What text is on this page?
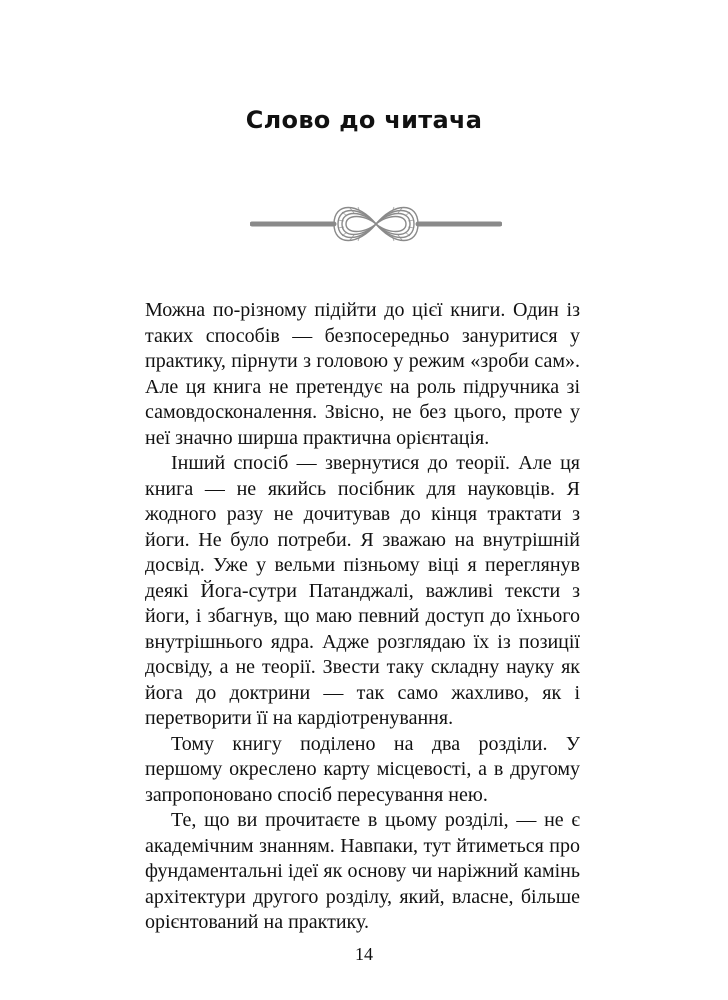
Слово до читача

Можна по-різному підійти до цієї книги. Один із таких способів — безпосередньо зануритися у практику, пірнути з головою у режим «зроби сам». Але ця книга не претендує на роль підручника зі самовдосконалення. Звісно, не без цього, проте у неї значно ширша практична орієнтація.

Інший спосіб — звернутися до теорії. Але ця книга — не якийсь посібник для науковців. Я жодного разу не дочитував до кінця трактати з йоги. Не було потреби. Я зважаю на внутрішній досвід. Уже у вельми пізньому віці я переглянув деякі Йога-сутри Патанджалі, важливі тексти з йоги, і збагнув, що маю певний доступ до їхнього внутрішнього ядра. Адже розглядаю їх із позиції досвіду, а не теорії. Звести таку складну науку як йога до доктрини — так само жахливо, як і перетворити її на кардіотренування.

Тому книгу поділено на два розділи. У першому окреслено карту місцевості, а в другому запропоновано спосіб пересування нею.

Те, що ви прочитаєте в цьому розділі, — не є академічним знанням. Навпаки, тут йтиметься про фундаментальні ідеї як основу чи наріжний камінь архітектури другого розділу, який, власне, більше орієнтований на практику.

14
